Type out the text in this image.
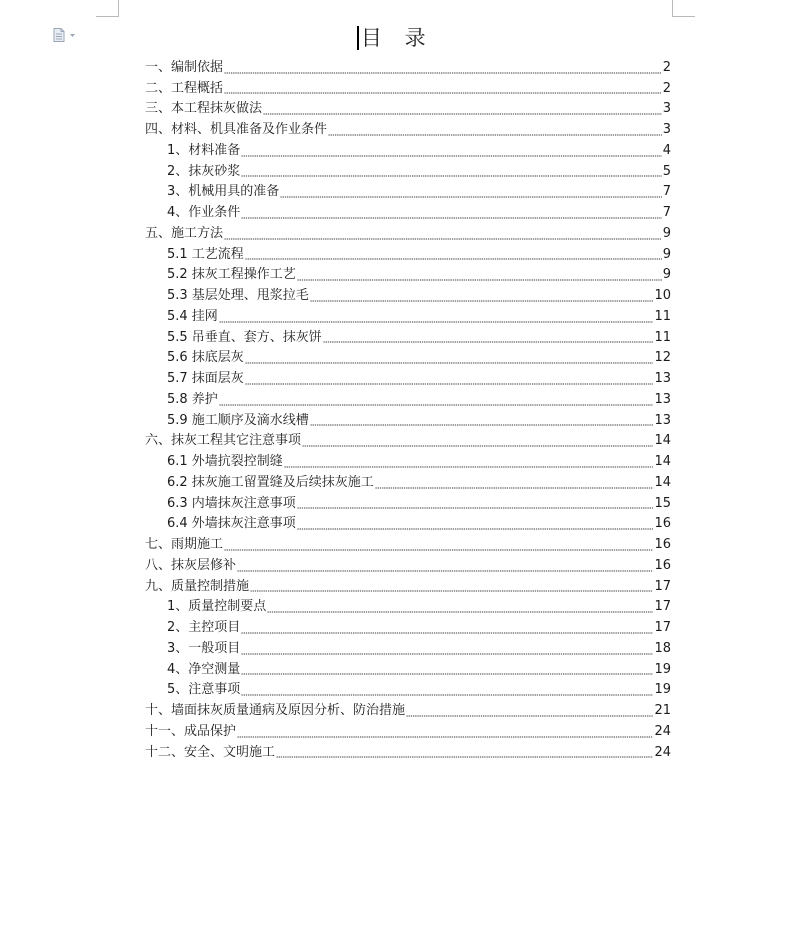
目 录
一、编制依据	2
二、工程概括	2
三、本工程抹灰做法	3
四、材料、机具准备及作业条件	3
1、材料准备	4
2、抹灰砂浆	5
3、机械用具的准备	7
4、作业条件	7
五、施工方法	9
5.1 工艺流程	9
5.2 抹灰工程操作工艺	9
5.3 基层处理、甩浆拉毛	10
5.4 挂网	11
5.5 吊垂直、套方、抹灰饼	11
5.6 抹底层灰	12
5.7 抹面层灰	13
5.8 养护	13
5.9 施工顺序及滴水线槽	13
六、抹灰工程其它注意事项	14
6.1 外墙抗裂控制缝	14
6.2 抹灰施工留置缝及后续抹灰施工	14
6.3 内墙抹灰注意事项	15
6.4 外墙抹灰注意事项	16
七、雨期施工	16
八、抹灰层修补	16
九、质量控制措施	17
1、质量控制要点	17
2、主控项目	17
3、一般项目	18
4、净空测量	19
5、注意事项	19
十、墙面抹灰质量通病及原因分析、防治措施	21
十一、成品保护	24
十二、安全、文明施工	24
